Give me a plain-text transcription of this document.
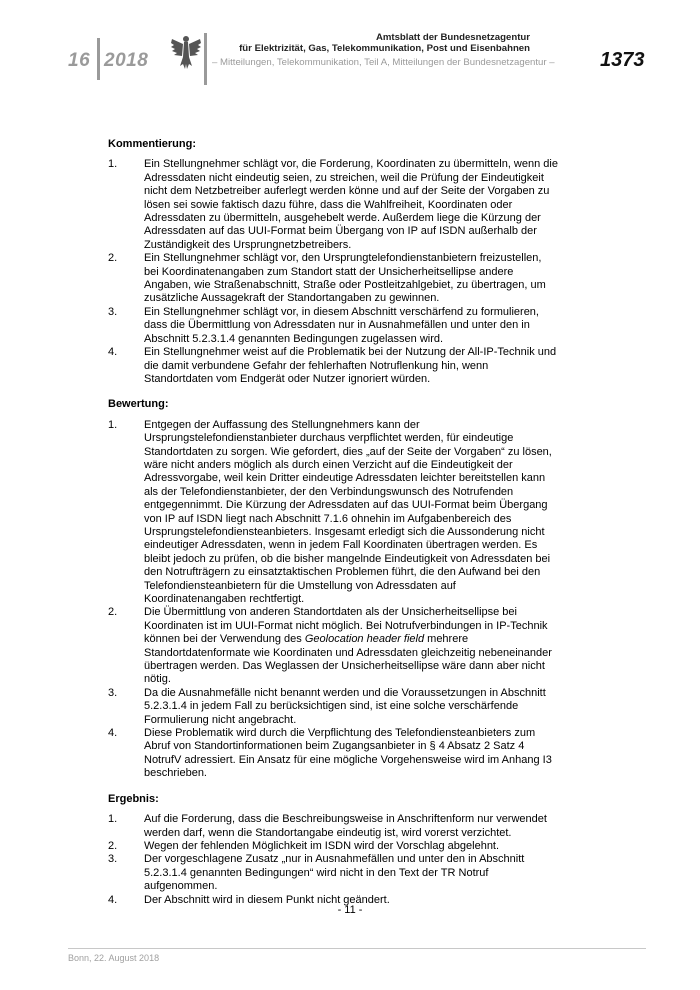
16 2018
Amtsblatt der Bundesnetzagentur
für Elektrizität, Gas, Telekommunikation, Post und Eisenbahnen
– Mitteilungen, Telekommunikation, Teil A, Mitteilungen der Bundesnetzagentur – 1373
Kommentierung:
1.	Ein Stellungnehmer schlägt vor, die Forderung, Koordinaten zu übermitteln, wenn die
Adressdaten nicht eindeutig seien, zu streichen, weil die Prüfung der Eindeutigkeit
nicht dem Netzbetreiber auferlegt werden könne und auf der Seite der Vorgaben zu
lösen sei sowie faktisch dazu führe, dass die Wahlfreiheit, Koordinaten oder
Adressdaten zu übermitteln, ausgehebelt werde. Außerdem liege die Kürzung der
Adressdaten auf das UUI-Format beim Übergang von IP auf ISDN außerhalb der
Zuständigkeit des Ursprungnetzbetreibers.
2.	Ein Stellungnehmer schlägt vor, den Ursprungtelefondienstanbietern freizustellen,
bei Koordinatenangaben zum Standort statt der Unsicherheitsellipse andere
Angaben, wie Straßenabschnitt, Straße oder Postleitzahlgebiet, zu übertragen, um
zusätzliche Aussagekraft der Standortangaben zu gewinnen.
3.	Ein Stellungnehmer schlägt vor, in diesem Abschnitt verschärfend zu formulieren,
dass die Übermittlung von Adressdaten nur in Ausnahmefällen und unter den in
Abschnitt 5.2.3.1.4 genannten Bedingungen zugelassen wird.
4.	Ein Stellungnehmer weist auf die Problematik bei der Nutzung der All-IP-Technik und
die damit verbundene Gefahr der fehlerhaften Notruflenkung hin, wenn
Standortdaten vom Endgerät oder Nutzer ignoriert würden.
Bewertung:
1.	Entgegen der Auffassung des Stellungnehmers kann der
Ursprungstelefondienstanbieter durchaus verpflichtet werden, für eindeutige
Standortdaten zu sorgen. Wie gefordert, dies „auf der Seite der Vorgaben“ zu lösen,
wäre nicht anders möglich als durch einen Verzicht auf die Eindeutigkeit der
Adressvorgabe, weil kein Dritter eindeutige Adressdaten leichter bereitstellen kann
als der Telefondienstanbieter, der den Verbindungswunsch des Notrufenden
entgegennimmt. Die Kürzung der Adressdaten auf das UUI-Format beim Übergang
von IP auf ISDN liegt nach Abschnitt 7.1.6 ohnehin im Aufgabenbereich des
Ursprungstelefondiensteanbieters. Insgesamt erledigt sich die Aussonderung nicht
eindeutiger Adressdaten, wenn in jedem Fall Koordinaten übertragen werden. Es
bleibt jedoch zu prüfen, ob die bisher mangelnde Eindeutigkeit von Adressdaten bei
den Notrufträgern zu einsatztaktischen Problemen führt, die den Aufwand bei den
Telefondiensteanbietern für die Umstellung von Adressdaten auf
Koordinatenangaben rechtfertigt.
2.	Die Übermittlung von anderen Standortdaten als der Unsicherheitsellipse bei
Koordinaten ist im UUI-Format nicht möglich. Bei Notrufverbindungen in IP-Technik
können bei der Verwendung des Geolocation header field mehrere
Standortdatenformate wie Koordinaten und Adressdaten gleichzeitig nebeneinander
übertragen werden. Das Weglassen der Unsicherheitsellipse wäre dann aber nicht
nötig.
3.	Da die Ausnahmefälle nicht benannt werden und die Voraussetzungen in Abschnitt
5.2.3.1.4 in jedem Fall zu berücksichtigen sind, ist eine solche verschärfende
Formulierung nicht angebracht.
4.	Diese Problematik wird durch die Verpflichtung des Telefondiensteanbieters zum
Abruf von Standortinformationen beim Zugangsanbieter in § 4 Absatz 2 Satz 4
NotrufV adressiert. Ein Ansatz für eine mögliche Vorgehensweise wird im Anhang I3
beschrieben.
Ergebnis:
1.	Auf die Forderung, dass die Beschreibungsweise in Anschriftenform nur verwendet
werden darf, wenn die Standortangabe eindeutig ist, wird vorerst verzichtet.
2.	Wegen der fehlenden Möglichkeit im ISDN wird der Vorschlag abgelehnt.
3.	Der vorgeschlagene Zusatz „nur in Ausnahmefällen und unter den in Abschnitt
5.2.3.1.4 genannten Bedingungen“ wird nicht in den Text der TR Notruf
aufgenommen.
4.	Der Abschnitt wird in diesem Punkt nicht geändert.
- 11 -
Bonn, 22. August 2018
